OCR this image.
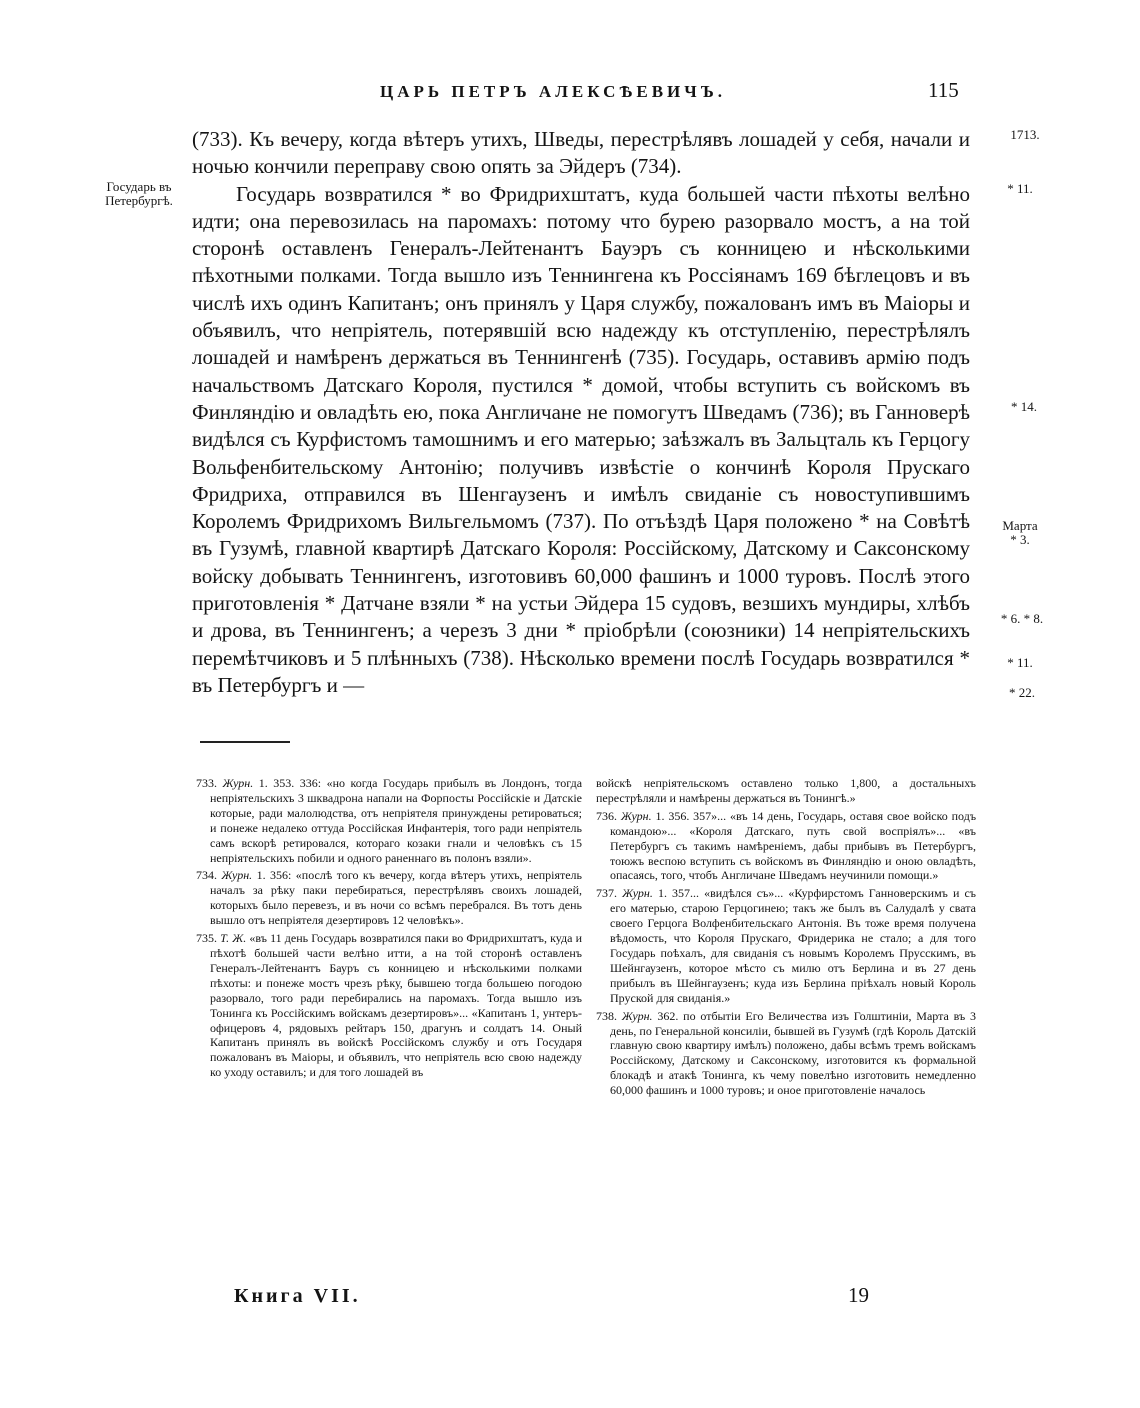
ЦАРЬ ПЕТРЪ АЛЕКСѢЕВИЧЪ.	115
Государь въ Петербургѣ.
1713.
* 11.
* 14.
Марта
* 3.
* 6. * 8.
* 11.
* 22.

(733). Къ вечеру, когда вѣтеръ утихъ, Шведы, перестрѣлявъ лошадей у себя, начали и ночью кончили переправу свою опять за Эйдеръ (734).

Государь возвратился * во Фридрихштатъ, куда большей части пѣхоты велѣно идти; она перевозилась на паромахъ: потому что бурею разорвало мостъ, а на той сторонѣ оставленъ Генералъ-Лейтенантъ Бауэръ съ конницею и нѣсколькими пѣхотными полками. Тогда вышло изъ Теннингена къ Россіянамъ 169 бѣглецовъ и въ числѣ ихъ одинъ Капитанъ; онъ принялъ у Царя службу, пожалованъ имъ въ Маіоры и объявилъ, что непріятель, потерявшій всю надежду къ отступленію, перестрѣлялъ лошадей и намѣренъ держаться въ Теннингенѣ (735). Государь, оставивъ армію подъ начальствомъ Датскаго Короля, пустился * домой, чтобы вступить съ войскомъ въ Финляндію и овладѣть ею, пока Англичане не помогутъ Шведамъ (736); въ Ганноверѣ видѣлся съ Курфистомъ тамошнимъ и его матерью; заѣзжалъ въ Зальцталь къ Герцогу Вольфенбительскому Антонію; получивъ извѣстіе о кончинѣ Короля Прускаго Фридриха, отправился въ Шенгаузенъ и имѣлъ свиданіе съ новоступившимъ Королемъ Фридрихомъ Вильгельмомъ (737). По отъѣздѣ Царя положено * на Совѣтѣ въ Гузумѣ, главной квартирѣ Датскаго Короля: Россійскому, Датскому и Саксонскому войску добывать Теннингенъ, изготовивъ 60,000 фашинъ и 1000 туровъ. Послѣ этого приготовленія * Датчане взяли * на устьи Эйдера 15 судовъ, везшихъ мундиры, хлѣбъ и дрова, въ Теннингенъ; а черезъ 3 дни * пріобрѣли (союзники) 14 непріятельскихъ перемѣтчиковъ и 5 плѣнныхъ (738). Нѣсколько времени послѣ Государь возвратился * въ Петербургъ и —

733. Журн. 1. 353. 336: «но когда Государь прибылъ въ Лондонъ, тогда непріятельскихъ 3 шквадрона напали на Форпосты Россійскіе и Датскіе которые, ради малолюдства, отъ непріятеля принуждены ретироваться; и понеже недалеко оттуда Россійская Инфантерія, того ради непріятель самъ вскорѣ ретировался, котораго козаки гнали и человѣкъ съ 15 непріятельскихъ побили и одного раненнаго въ полонъ взяли».

734. Журн. 1. 356: «послѣ того къ вечеру, когда вѣтеръ утихъ, непріятель началъ за рѣку паки перебираться, перестрѣлявъ своихъ лошадей, которыхъ было перевезъ, и въ ночи со всѣмъ перебрался. Въ тотъ день вышло отъ непріятеля дезертировъ 12 человѣкъ».

735. Т. Ж. «въ 11 день Государь возвратился паки во Фридрихштатъ, куда и пѣхотѣ большей части велѣно итти, а на той сторонѣ оставленъ Генералъ-Лейтенантъ Бауръ съ конницею и нѣсколькими полками пѣхоты: и понеже мостъ чрезъ рѣку, бывшею тогда большею погодою разорвало, того ради перебирались на паромахъ. Тогда вышло изъ Тонинга къ Россійскимъ войскамъ дезертировъ»... «Капитанъ 1, унтеръ-офицеровъ 4, рядовыхъ рейтаръ 150, драгунъ и солдатъ 14. Оный Капитанъ принялъ въ войскѣ Россійскомъ службу и отъ Государя пожалованъ въ Маіоры, и объявилъ, что непріятель всю свою надежду ко уходу оставилъ; и для того лошадей въ

войскѣ непріятельскомъ оставлено только 1,800, а достальныхъ перестрѣляли и намѣрены держаться въ Тонингѣ.»

736. Журн. 1. 356. 357»... «въ 14 день, Государь, оставя свое войско подъ командою»... «Короля Датскаго, путь свой воспріялъ»... «въ Петербургъ съ такимъ намѣреніемъ, дабы прибывъ въ Петербургъ, тоюжъ веспою вступить съ войскомъ въ Финляндію и оною овладѣть, опасаясь, того, чтобъ Англичане Шведамъ неучинили помощи.»

737. Журн. 1. 357... «видѣлся съ»... «Курфирстомъ Ганноверскимъ и съ его матерью, старою Герцогинею; такъ же былъ въ Салудалѣ у свата своего Герцога Волфенбительскаго Антонія. Въ тоже время получена вѣдомость, что Короля Прускаго, Фридерика не стало; а для того Государь поѣхалъ, для свиданія съ новымъ Королемъ Прусскимъ, въ Шейнгаузенъ, которое мѣсто съ милю отъ Берлина и въ 27 день прибылъ въ Шейнгаузенъ; куда изъ Берлина пріѣхалъ новый Король Пруской для свиданія.»

738. Журн. 362. по отбытіи Его Величества изъ Голштиніи, Марта въ 3 день, по Генеральной консиліи, бывшей въ Гузумѣ (гдѣ Король Датскій главную свою квартиру имѣлъ) положено, дабы всѣмъ тремъ войскамъ Россійскому, Датскому и Саксонскому, изготовится къ формальной блокадѣ и атакѣ Тонинга, къ чему повелѣно изготовить немедленно 60,000 фашинъ и 1000 туровъ; и оное приготовленіе началось

Книга VII.	19
